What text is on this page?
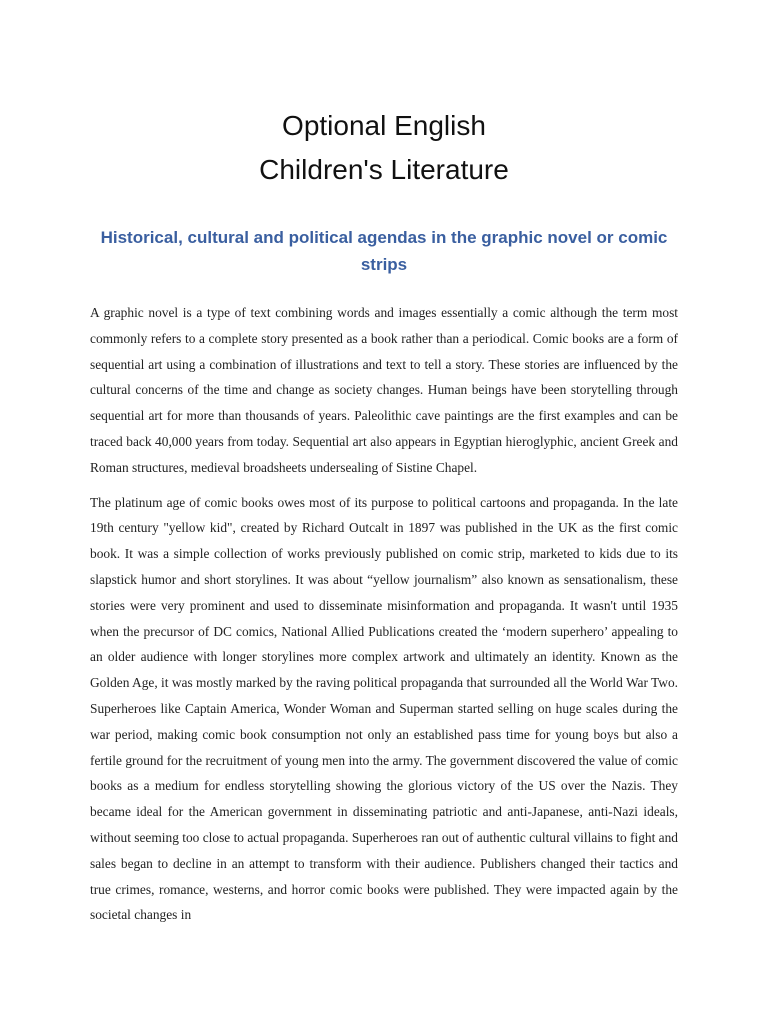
Optional English
Children's Literature
Historical, cultural and political agendas in the graphic novel or comic strips

A graphic novel is a type of text combining words and images essentially a comic although the term most commonly refers to a complete story presented as a book rather than a periodical. Comic books are a form of sequential art using a combination of illustrations and text to tell a story. These stories are influenced by the cultural concerns of the time and change as society changes. Human beings have been storytelling through sequential art for more than thousands of years. Paleolithic cave paintings are the first examples and can be traced back 40,000 years from today. Sequential art also appears in Egyptian hieroglyphic, ancient Greek and Roman structures, medieval broadsheets undersealing of Sistine Chapel.

The platinum age of comic books owes most of its purpose to political cartoons and propaganda. In the late 19th century "yellow kid", created by Richard Outcalt in 1897 was published in the UK as the first comic book. It was a simple collection of works previously published on comic strip, marketed to kids due to its slapstick humor and short storylines. It was about “yellow journalism” also known as sensationalism, these stories were very prominent and used to disseminate misinformation and propaganda. It wasn't until 1935 when the precursor of DC comics, National Allied Publications created the ‘modern superhero’ appealing to an older audience with longer storylines more complex artwork and ultimately an identity. Known as the Golden Age, it was mostly marked by the raving political propaganda that surrounded all the World War Two. Superheroes like Captain America, Wonder Woman and Superman started selling on huge scales during the war period, making comic book consumption not only an established pass time for young boys but also a fertile ground for the recruitment of young men into the army. The government discovered the value of comic books as a medium for endless storytelling showing the glorious victory of the US over the Nazis. They became ideal for the American government in disseminating patriotic and anti-Japanese, anti-Nazi ideals, without seeming too close to actual propaganda. Superheroes ran out of authentic cultural villains to fight and sales began to decline in an attempt to transform with their audience. Publishers changed their tactics and true crimes, romance, westerns, and horror comic books were published. They were impacted again by the societal changes in
